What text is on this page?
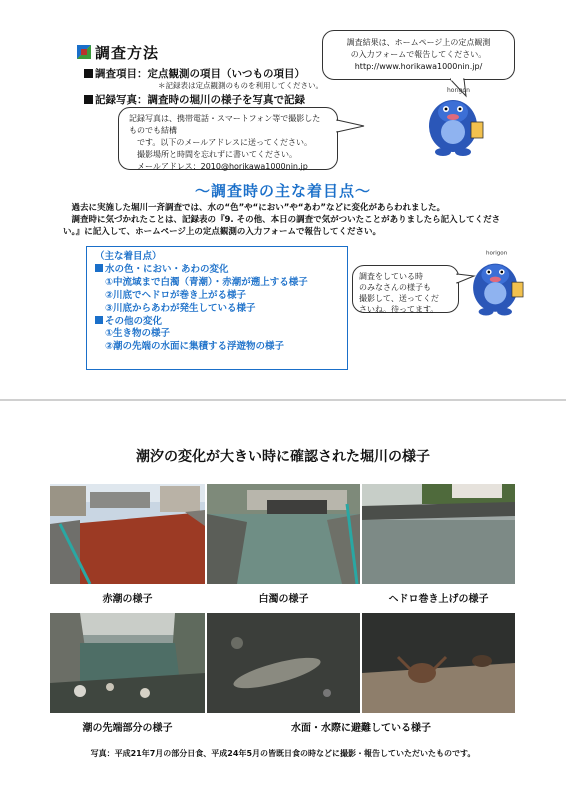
調査方法
調査項目：定点観測の項目（いつもの項目）
＊記録表は定点観測のものを利用してください。
記録写真：調査時の堀川の様子を写真で記録
調査結果は、ホームページ上の定点観測
の入力フォームで報告してください。
http://www.horikawa1000nin.jp/
記録写真は、携帯電話・スマートフォン等で撮影したものでも結構
です。以下のメールアドレスに送ってください。
撮影場所と時間を忘れずに書いてください。
メールアドレス：2010@horikawa1000nin.jp
horigon
～調査時の主な着目点～

過去に実施した堀川一斉調査では、水の“色”や“におい”や“あわ”などに変化があらわれました。

調査時に気づかれたことは、記録表の『9. その他、本日の調査で気がついたことがありましたら記入してください。』に記入して、ホームページ上の定点観測の入力フォームで報告してください。

（主な着目点）
水の色・におい・あわの変化
①中流域まで白濁（青潮）・赤潮が遡上する様子
②川底でヘドロが巻き上がる様子
③川底からあわが発生している様子
その他の変化
①生き物の様子
②潮の先端の水面に集積する浮遊物の様子
調査をしている時
のみなさんの様子も
撮影して、送ってくだ
さいね。待ってます。
horigon
潮汐の変化が大きい時に確認された堀川の様子
赤潮の様子	白濁の様子	ヘドロ巻き上げの様子
潮の先端部分の様子	水面・水際に避難している様子
写真：平成21年7月の部分日食、平成24年5月の皆既日食の時などに撮影・報告していただいたものです。
